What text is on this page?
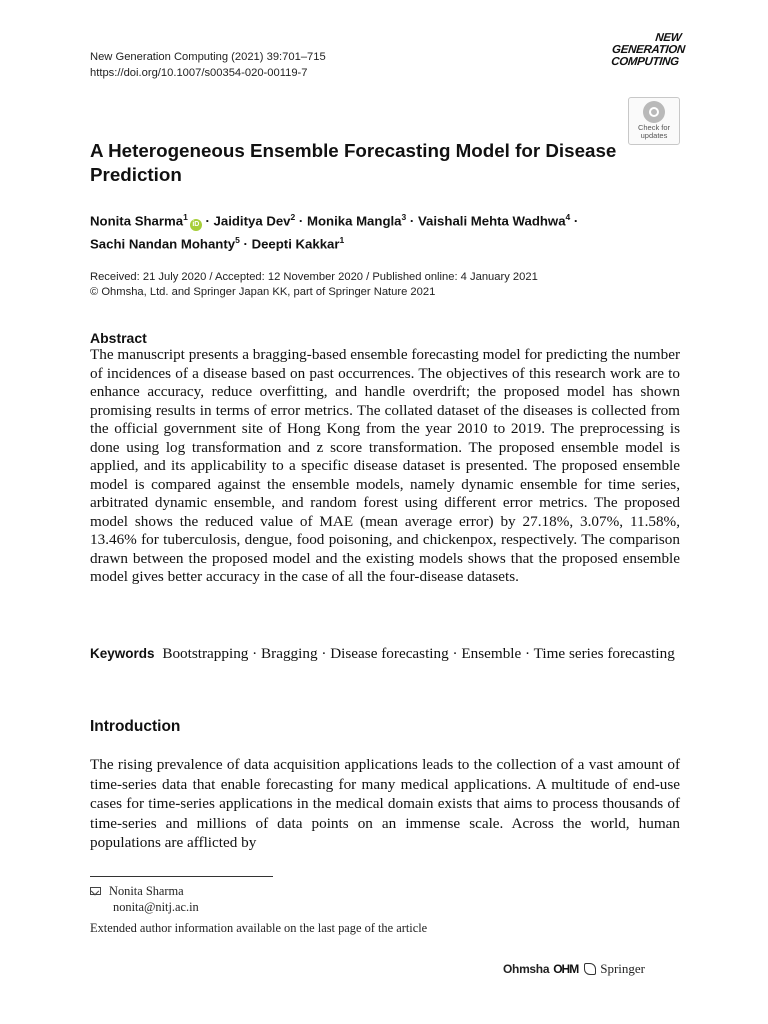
New Generation Computing (2021) 39:701–715
https://doi.org/10.1007/s00354-020-00119-7
NEW
GENERATION
COMPUTING
Check for
updates
A Heterogeneous Ensemble Forecasting Model for Disease Prediction
Nonita Sharma$^1$iD · Jaiditya Dev$^2$ · Monika Mangla$^3$ · Vaishali Mehta Wadhwa$^4$ ·
Sachi Nandan Mohanty$^5$ · Deepti Kakkar$^1$
Received: 21 July 2020 / Accepted: 12 November 2020 / Published online: 4 January 2021
© Ohmsha, Ltd. and Springer Japan KK, part of Springer Nature 2021
Abstract
The manuscript presents a bragging-based ensemble forecasting model for predicting the number of incidences of a disease based on past occurrences. The objectives of this research work are to enhance accuracy, reduce overfitting, and handle overdrift; the proposed model has shown promising results in terms of error metrics. The collated dataset of the diseases is collected from the official government site of Hong Kong from the year 2010 to 2019. The preprocessing is done using log transformation and z score transformation. The proposed ensemble model is applied, and its applicability to a specific disease dataset is presented. The proposed ensemble model is compared against the ensemble models, namely dynamic ensemble for time series, arbitrated dynamic ensemble, and random forest using different error metrics. The proposed model shows the reduced value of MAE (mean average error) by 27.18%, 3.07%, 11.58%, 13.46% for tuberculosis, dengue, food poisoning, and chickenpox, respectively. The comparison drawn between the proposed model and the existing models shows that the proposed ensemble model gives better accuracy in the case of all the four-disease datasets.
Keywords Bootstrapping · Bragging · Disease forecasting · Ensemble · Time series forecasting
Introduction
The rising prevalence of data acquisition applications leads to the collection of a vast amount of time-series data that enable forecasting for many medical applications. A multitude of end-use cases for time-series applications in the medical domain exists that aims to process thousands of time-series and millions of data points on an immense scale. Across the world, human populations are afflicted by
Nonita Sharma
nonita@nitj.ac.in
Extended author information available on the last page of the article
Ohmsha OHM Springer
